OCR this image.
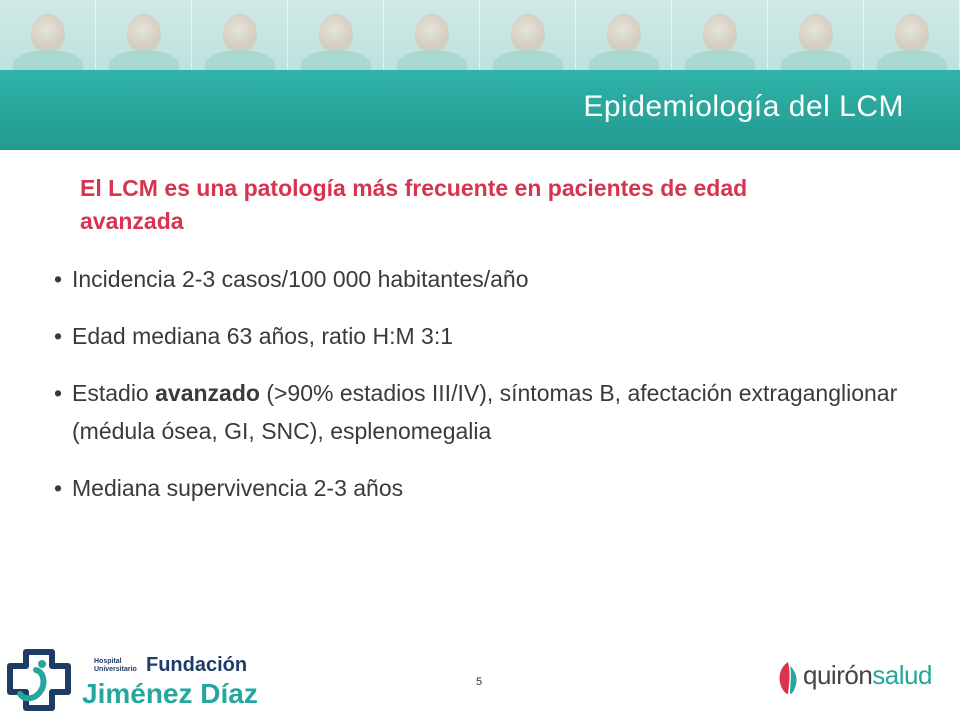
Epidemiología del LCM
El LCM es una patología más frecuente en pacientes de edad avanzada
• Incidencia 2-3 casos/100 000 habitantes/año
• Edad mediana 63 años, ratio H:M 3:1
• Estadio avanzado (>90% estadios III/IV), síntomas B, afectación extraganglionar (médula ósea, GI, SNC), esplenomegalia
• Mediana supervivencia 2-3 años
5
Hospital
Universitario Fundación
Jiménez Díaz
quirónsalud
